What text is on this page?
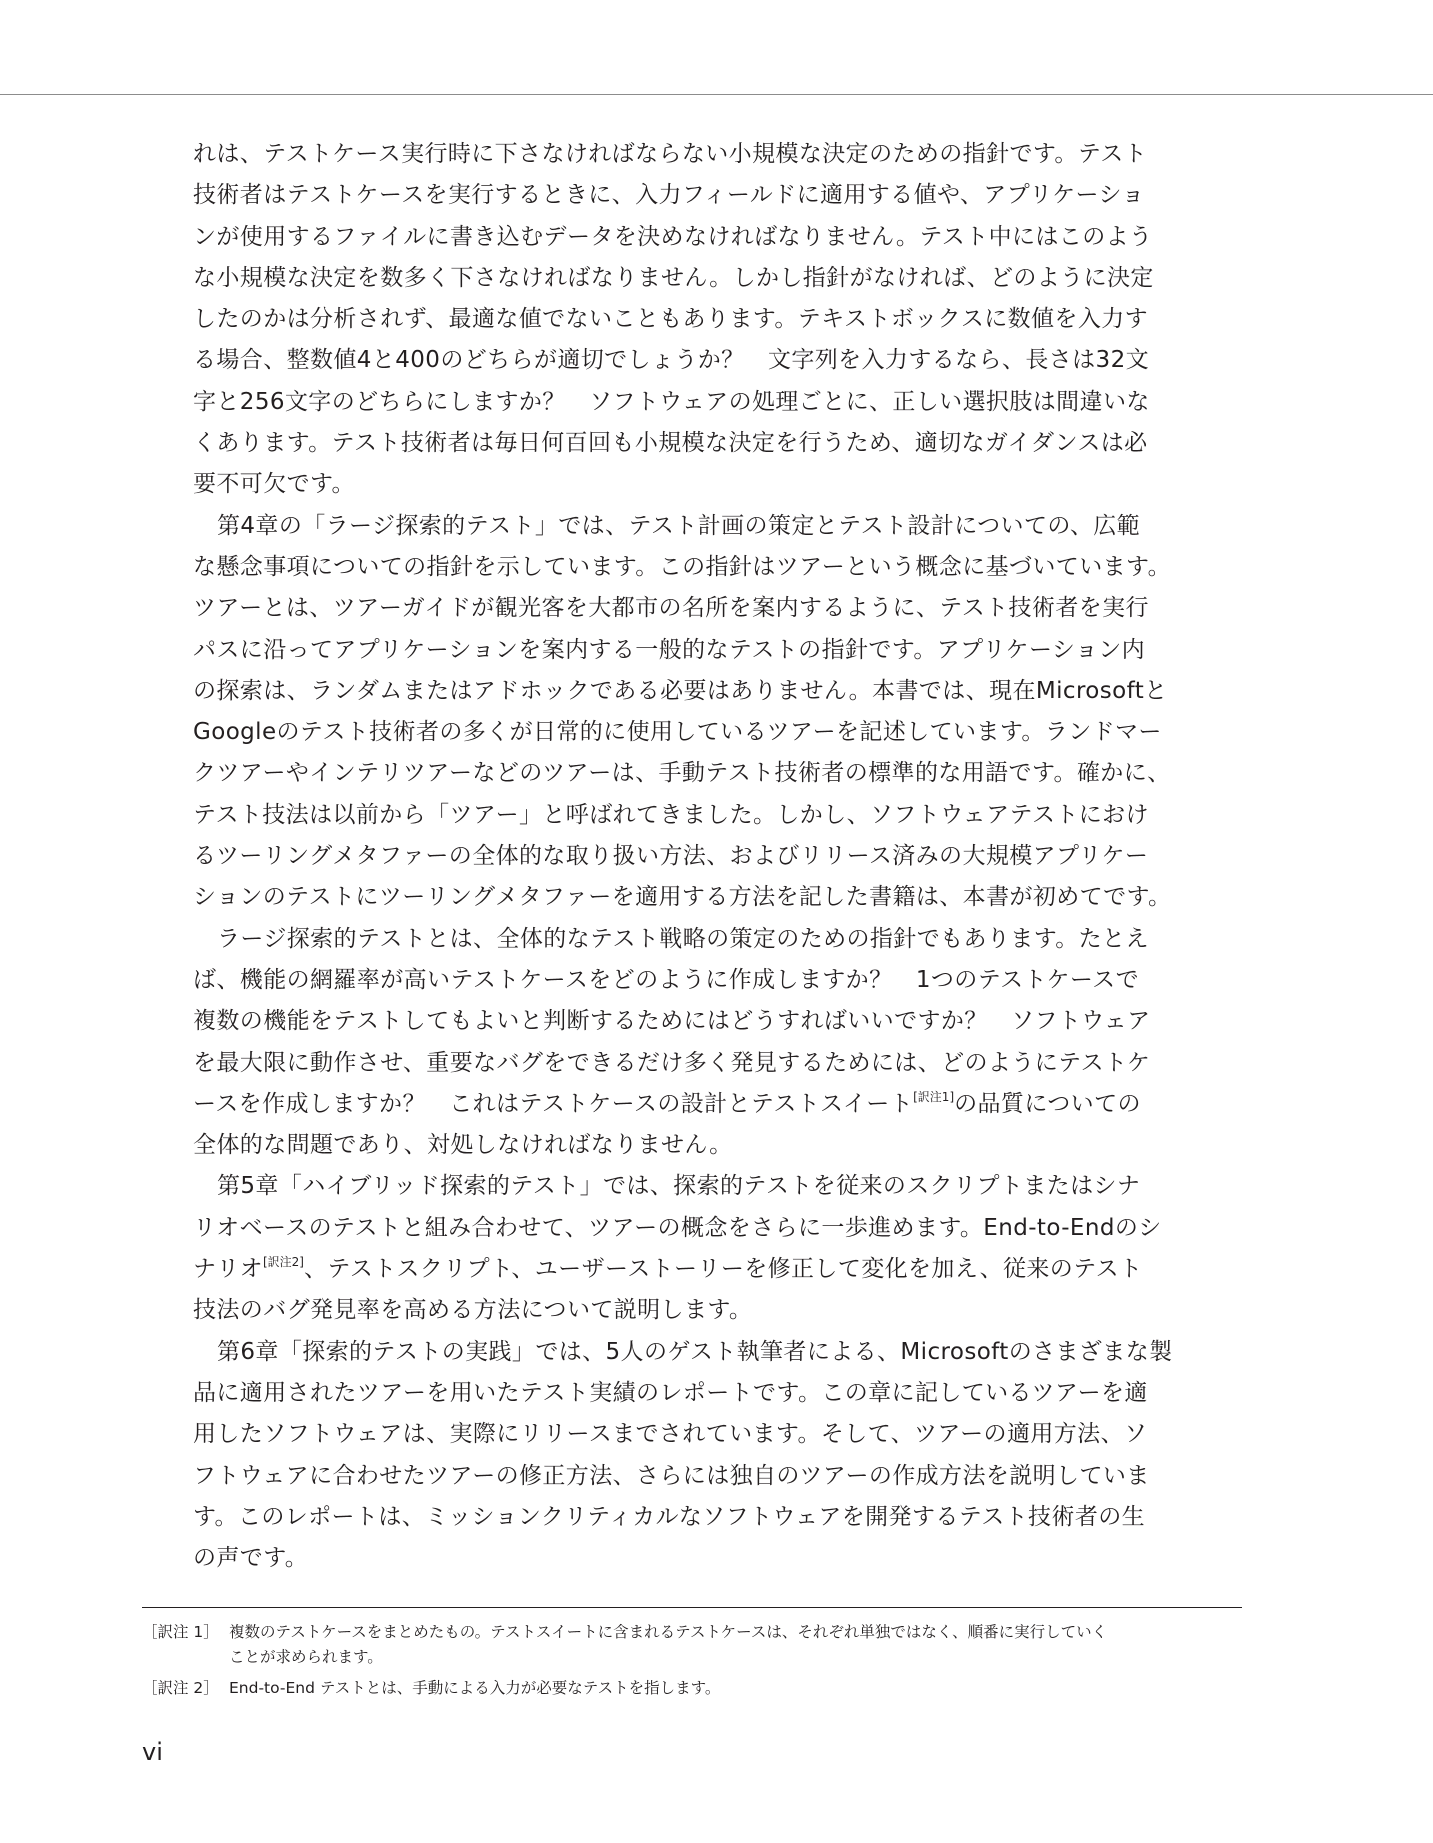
れは、テストケース実行時に下さなければならない小規模な決定のための指針です。テスト
技術者はテストケースを実行するときに、入力フィールドに適用する値や、アプリケーショ
ンが使用するファイルに書き込むデータを決めなければなりません。テスト中にはこのよう
な小規模な決定を数多く下さなければなりません。しかし指針がなければ、どのように決定
したのかは分析されず、最適な値でないこともあります。テキストボックスに数値を入力す
る場合、整数値4と400のどちらが適切でしょうか？　文字列を入力するなら、長さは32文
字と256文字のどちらにしますか？　ソフトウェアの処理ごとに、正しい選択肢は間違いな
くあります。テスト技術者は毎日何百回も小規模な決定を行うため、適切なガイダンスは必
要不可欠です。
第4章の「ラージ探索的テスト」では、テスト計画の策定とテスト設計についての、広範
な懸念事項についての指針を示しています。この指針はツアーという概念に基づいています。
ツアーとは、ツアーガイドが観光客を大都市の名所を案内するように、テスト技術者を実行
パスに沿ってアプリケーションを案内する一般的なテストの指針です。アプリケーション内
の探索は、ランダムまたはアドホックである必要はありません。本書では、現在Microsoftと
Googleのテスト技術者の多くが日常的に使用しているツアーを記述しています。ランドマー
クツアーやインテリツアーなどのツアーは、手動テスト技術者の標準的な用語です。確かに、
テスト技法は以前から「ツアー」と呼ばれてきました。しかし、ソフトウェアテストにおけ
るツーリングメタファーの全体的な取り扱い方法、およびリリース済みの大規模アプリケー
ションのテストにツーリングメタファーを適用する方法を記した書籍は、本書が初めてです。
ラージ探索的テストとは、全体的なテスト戦略の策定のための指針でもあります。たとえ
ば、機能の網羅率が高いテストケースをどのように作成しますか？　1つのテストケースで
複数の機能をテストしてもよいと判断するためにはどうすればいいですか？　ソフトウェア
を最大限に動作させ、重要なバグをできるだけ多く発見するためには、どのようにテストケ
ースを作成しますか？　これはテストケースの設計とテストスイート[訳注1]の品質についての
全体的な問題であり、対処しなければなりません。
第5章「ハイブリッド探索的テスト」では、探索的テストを従来のスクリプトまたはシナ
リオベースのテストと組み合わせて、ツアーの概念をさらに一歩進めます。End-to-Endのシ
ナリオ[訳注2]、テストスクリプト、ユーザーストーリーを修正して変化を加え、従来のテスト
技法のバグ発見率を高める方法について説明します。
第6章「探索的テストの実践」では、5人のゲスト執筆者による、Microsoftのさまざまな製
品に適用されたツアーを用いたテスト実績のレポートです。この章に記しているツアーを適
用したソフトウェアは、実際にリリースまでされています。そして、ツアーの適用方法、ソ
フトウェアに合わせたツアーの修正方法、さらには独自のツアーの作成方法を説明していま
す。このレポートは、ミッションクリティカルなソフトウェアを開発するテスト技術者の生
の声です。
［訳注 1］ 複数のテストケースをまとめたもの。テストスイートに含まれるテストケースは、それぞれ単独ではなく、順番に実行していく
ことが求められます。
［訳注 2］ End-to-End テストとは、手動による入力が必要なテストを指します。
vi
